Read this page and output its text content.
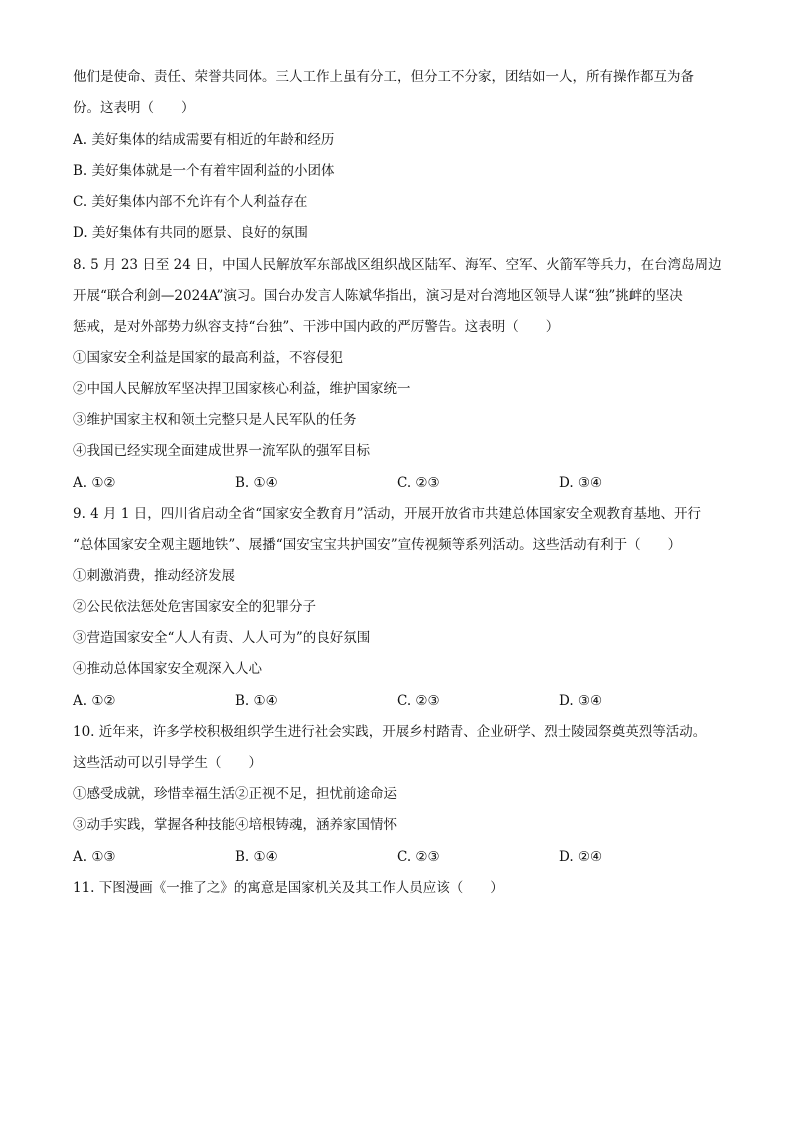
他们是使命、责任、荣誉共同体。三人工作上虽有分工，但分工不分家，团结如一人，所有操作都互为备
份。这表明（　　）
A. 美好集体的结成需要有相近的年龄和经历
B. 美好集体就是一个有着牢固利益的小团体
C. 美好集体内部不允许有个人利益存在
D. 美好集体有共同的愿景、良好的氛围
8. 5 月 23 日至 24 日，中国人民解放军东部战区组织战区陆军、海军、空军、火箭军等兵力，在台湾岛周边
开展“联合利剑—2024A”演习。国台办发言人陈斌华指出，演习是对台湾地区领导人谋“独”挑衅的坚决
惩戒，是对外部势力纵容支持“台独”、干涉中国内政的严厉警告。这表明（　　）
①国家安全利益是国家的最高利益，不容侵犯
②中国人民解放军坚决捍卫国家核心利益，维护国家统一
③维护国家主权和领土完整只是人民军队的任务
④我国已经实现全面建成世界一流军队的强军目标
A. ①②	B. ①④	C. ②③	D. ③④
9. 4 月 1 日，四川省启动全省“国家安全教育月”活动，开展开放省市共建总体国家安全观教育基地、开行
“总体国家安全观主题地铁”、展播“国安宝宝共护国安”宣传视频等系列活动。这些活动有利于（　　）
①刺激消费，推动经济发展
②公民依法惩处危害国家安全的犯罪分子
③营造国家安全“人人有责、人人可为”的良好氛围
④推动总体国家安全观深入人心
A. ①②	B. ①④	C. ②③	D. ③④
10. 近年来，许多学校积极组织学生进行社会实践，开展乡村踏青、企业研学、烈士陵园祭奠英烈等活动。
这些活动可以引导学生（　　）
①感受成就，珍惜幸福生活②正视不足，担忧前途命运
③动手实践，掌握各种技能④培根铸魂，涵养家国情怀
A. ①③	B. ①④	C. ②③	D. ②④
11. 下图漫画《一推了之》的寓意是国家机关及其工作人员应该（　　）
